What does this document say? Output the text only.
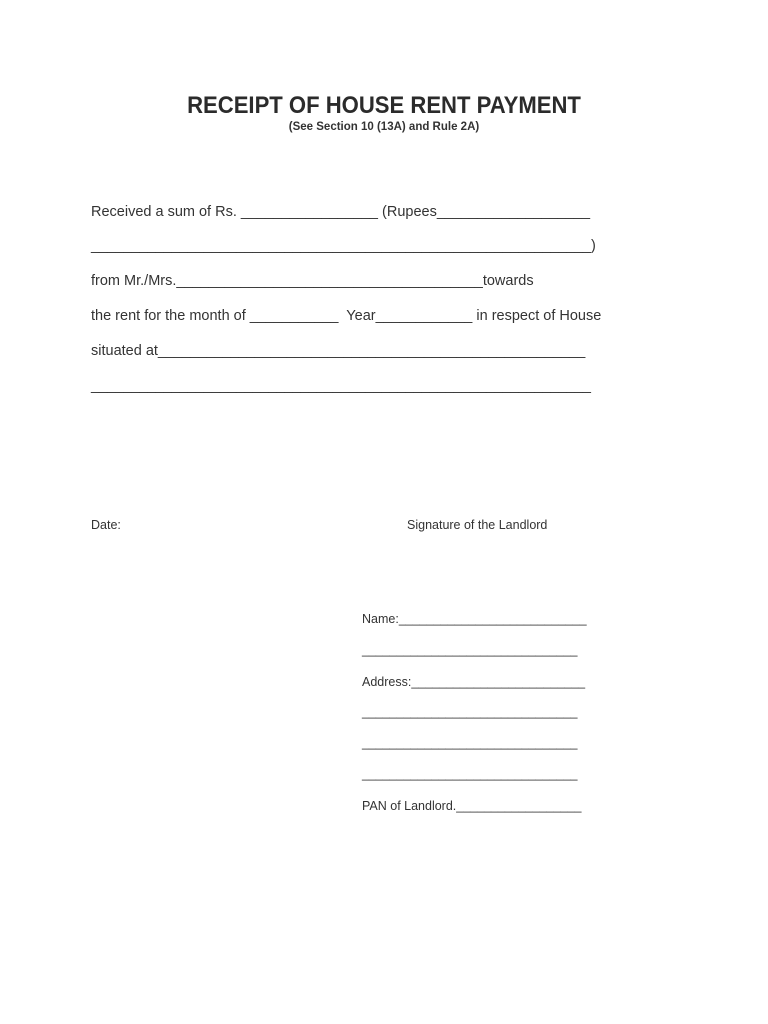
RECEIPT OF HOUSE RENT PAYMENT
(See Section 10 (13A) and Rule 2A)
Received a sum of Rs. _________________ (Rupees___________________
______________________________________________________________)
from Mr./Mrs.______________________________________towards
the rent for the month of ___________  Year____________ in respect of House
situated at_____________________________________________________
______________________________________________________________
Date:	Signature of the Landlord
Name:___________________________
_______________________________
Address:_________________________
_______________________________
_______________________________
_______________________________
PAN of Landlord.__________________
